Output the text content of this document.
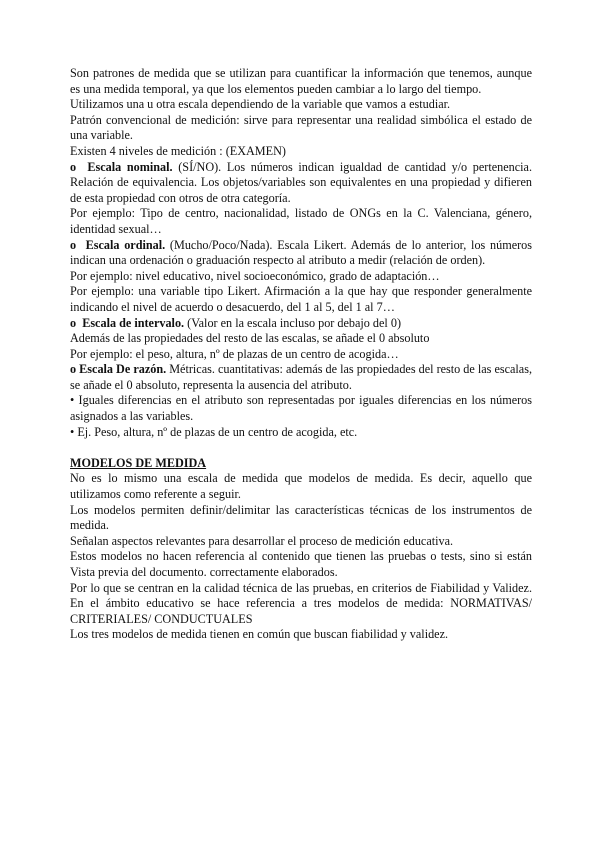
Son patrones de medida que se utilizan para cuantificar la información que tenemos, aunque es una medida temporal, ya que los elementos pueden cambiar a lo largo del tiempo.

Utilizamos una u otra escala dependiendo de la variable que vamos a estudiar.

Patrón convencional de medición: sirve para representar una realidad simbólica el estado de una variable.

Existen 4 niveles de medición : (EXAMEN)

o Escala nominal. (SÍ/NO). Los números indican igualdad de cantidad y/o pertenencia. Relación de equivalencia. Los objetos/variables son equivalentes en una propiedad y difieren de esta propiedad con otros de otra categoría.

Por ejemplo: Tipo de centro, nacionalidad, listado de ONGs en la C. Valenciana, género, identidad sexual…

o Escala ordinal. (Mucho/Poco/Nada). Escala Likert. Además de lo anterior, los números indican una ordenación o graduación respecto al atributo a medir (relación de orden).

Por ejemplo: nivel educativo, nivel socioeconómico, grado de adaptación…

Por ejemplo: una variable tipo Likert. Afirmación a la que hay que responder generalmente indicando el nivel de acuerdo o desacuerdo, del 1 al 5, del 1 al 7…

o Escala de intervalo. (Valor en la escala incluso por debajo del 0)

Además de las propiedades del resto de las escalas, se añade el 0 absoluto

Por ejemplo: el peso, altura, nº de plazas de un centro de acogida…

o Escala De razón. Métricas. cuantitativas: además de las propiedades del resto de las escalas, se añade el 0 absoluto, representa la ausencia del atributo.

• Iguales diferencias en el atributo son representadas por iguales diferencias en los números asignados a las variables.

• Ej. Peso, altura, nº de plazas de un centro de acogida, etc.

MODELOS DE MEDIDA

No es lo mismo una escala de medida que modelos de medida. Es decir, aquello que utilizamos como referente a seguir.

Los modelos permiten definir/delimitar las características técnicas de los instrumentos de medida.

Señalan aspectos relevantes para desarrollar el proceso de medición educativa.

Estos modelos no hacen referencia al contenido que tienen las pruebas o tests, sino si están Vista previa del documento. correctamente elaborados.

Por lo que se centran en la calidad técnica de las pruebas, en criterios de Fiabilidad y Validez. En el ámbito educativo se hace referencia a tres modelos de medida: NORMATIVAS/ CRITERIALES/ CONDUCTUALES

Los tres modelos de medida tienen en común que buscan fiabilidad y validez.
